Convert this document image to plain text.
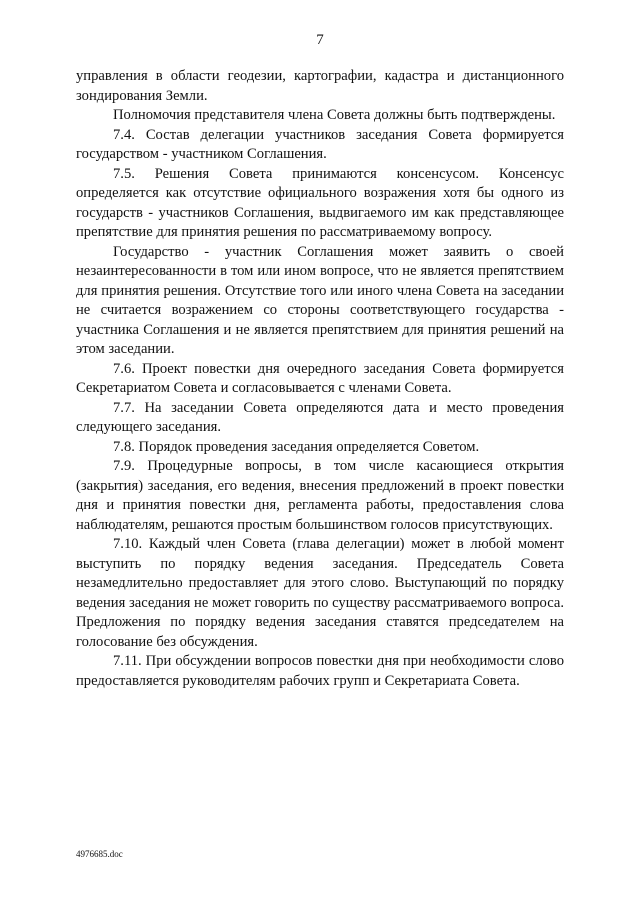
7

управления в области геодезии, картографии, кадастра и дистанционного зондирования Земли.

Полномочия представителя члена Совета должны быть подтверждены.

7.4. Состав делегации участников заседания Совета формируется государством - участником Соглашения.

7.5. Решения Совета принимаются консенсусом. Консенсус определяется как отсутствие официального возражения хотя бы одного из государств - участников Соглашения, выдвигаемого им как представляющее препятствие для принятия решения по рассматриваемому вопросу.

Государство - участник Соглашения может заявить о своей незаинтересованности в том или ином вопросе, что не является препятствием для принятия решения. Отсутствие того или иного члена Совета на заседании не считается возражением со стороны соответствующего государства - участника Соглашения и не является препятствием для принятия решений на этом заседании.

7.6. Проект повестки дня очередного заседания Совета формируется Секретариатом Совета и согласовывается с членами Совета.

7.7. На заседании Совета определяются дата и место проведения следующего заседания.

7.8. Порядок проведения заседания определяется Советом.

7.9. Процедурные вопросы, в том числе касающиеся открытия (закрытия) заседания, его ведения, внесения предложений в проект повестки дня и принятия повестки дня, регламента работы, предоставления слова наблюдателям, решаются простым большинством голосов присутствующих.

7.10. Каждый член Совета (глава делегации) может в любой момент выступить по порядку ведения заседания. Председатель Совета незамедлительно предоставляет для этого слово. Выступающий по порядку ведения заседания не может говорить по существу рассматриваемого вопроса. Предложения по порядку ведения заседания ставятся председателем на голосование без обсуждения.

7.11. При обсуждении вопросов повестки дня при необходимости слово предоставляется руководителям рабочих групп и Секретариата Совета.

4976685.doc
